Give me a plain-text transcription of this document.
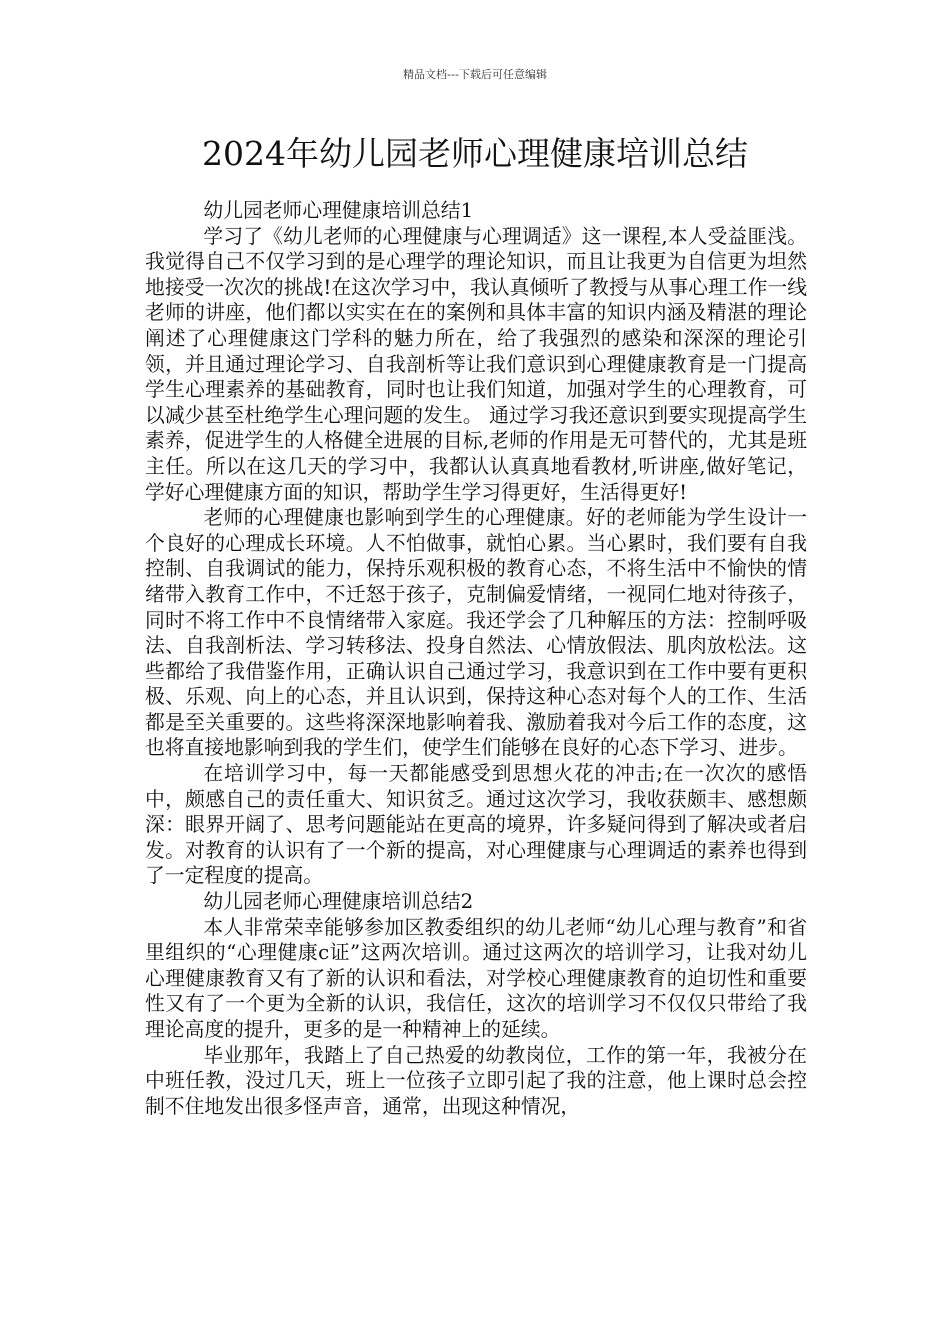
精品文档---下载后可任意编辑
2024年幼儿园老师心理健康培训总结

幼儿园老师心理健康培训总结1

学习了《幼儿老师的心理健康与心理调适》这一课程,本人受益匪浅。我觉得自己不仅学习到的是心理学的理论知识，而且让我更为自信更为坦然地接受一次次的挑战!在这次学习中，我认真倾听了教授与从事心理工作一线老师的讲座，他们都以实实在在的案例和具体丰富的知识内涵及精湛的理论阐述了心理健康这门学科的魅力所在，给了我强烈的感染和深深的理论引领，并且通过理论学习、自我剖析等让我们意识到心理健康教育是一门提高学生心理素养的基础教育，同时也让我们知道，加强对学生的心理教育，可以减少甚至杜绝学生心理问题的发生。 通过学习我还意识到要实现提高学生素养，促进学生的人格健全进展的目标,老师的作用是无可替代的，尤其是班主任。所以在这几天的学习中，我都认认真真地看教材,听讲座,做好笔记，学好心理健康方面的知识，帮助学生学习得更好，生活得更好!

老师的心理健康也影响到学生的心理健康。好的老师能为学生设计一个良好的心理成长环境。人不怕做事，就怕心累。当心累时，我们要有自我控制、自我调试的能力，保持乐观积极的教育心态，不将生活中不愉快的情绪带入教育工作中，不迁怒于孩子，克制偏爱情绪，一视同仁地对待孩子，同时不将工作中不良情绪带入家庭。我还学会了几种解压的方法：控制呼吸法、自我剖析法、学习转移法、投身自然法、心情放假法、肌肉放松法。这些都给了我借鉴作用，正确认识自己通过学习，我意识到在工作中要有更积极、乐观、向上的心态，并且认识到，保持这种心态对每个人的工作、生活都是至关重要的。这些将深深地影响着我、激励着我对今后工作的态度，这也将直接地影响到我的学生们，使学生们能够在良好的心态下学习、进步。

在培训学习中，每一天都能感受到思想火花的冲击;在一次次的感悟中，颇感自己的责任重大、知识贫乏。通过这次学习，我收获颇丰、感想颇深：眼界开阔了、思考问题能站在更高的境界，许多疑问得到了解决或者启发。对教育的认识有了一个新的提高，对心理健康与心理调适的素养也得到了一定程度的提高。

幼儿园老师心理健康培训总结2

本人非常荣幸能够参加区教委组织的幼儿老师“幼儿心理与教育”和省里组织的“心理健康c证”这两次培训。通过这两次的培训学习，让我对幼儿心理健康教育又有了新的认识和看法，对学校心理健康教育的迫切性和重要性又有了一个更为全新的认识，我信任，这次的培训学习不仅仅只带给了我理论高度的提升，更多的是一种精神上的延续。

毕业那年，我踏上了自己热爱的幼教岗位，工作的第一年，我被分在中班任教，没过几天，班上一位孩子立即引起了我的注意，他上课时总会控制不住地发出很多怪声音，通常，出现这种情况，
